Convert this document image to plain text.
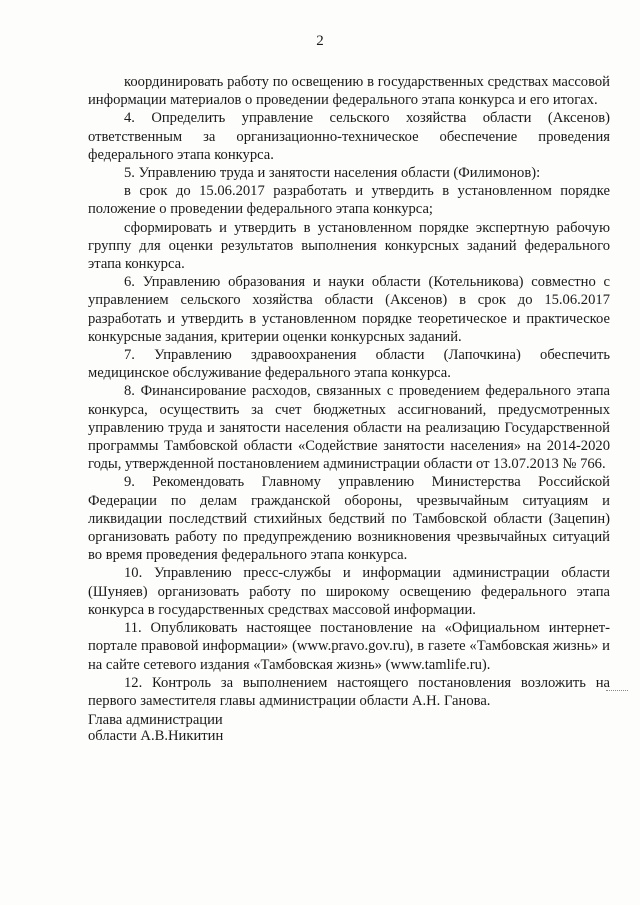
2

координировать работу по освещению в государственных средствах массовой информации материалов о проведении федерального этапа конкурса и его итогах.

4. Определить управление сельского хозяйства области (Аксенов) ответственным за организационно-техническое обеспечение проведения федерального этапа конкурса.

5. Управлению труда и занятости населения области (Филимонов):

в срок до 15.06.2017 разработать и утвердить в установленном порядке положение о проведении федерального этапа конкурса;

сформировать и утвердить в установленном порядке экспертную рабочую группу для оценки результатов выполнения конкурсных заданий федерального этапа конкурса.

6. Управлению образования и науки области (Котельникова) совместно с управлением сельского хозяйства области (Аксенов) в срок до 15.06.2017 разработать и утвердить в установленном порядке теоретическое и практическое конкурсные задания, критерии оценки конкурсных заданий.

7. Управлению здравоохранения области (Лапочкина) обеспечить медицинское обслуживание федерального этапа конкурса.

8. Финансирование расходов, связанных с проведением федерального этапа конкурса, осуществить за счет бюджетных ассигнований, предусмотренных управлению труда и занятости населения области на реализацию Государственной программы Тамбовской области «Содействие занятости населения» на 2014-2020 годы, утвержденной постановлением администрации области от 13.07.2013 № 766.

9. Рекомендовать Главному управлению Министерства Российской Федерации по делам гражданской обороны, чрезвычайным ситуациям и ликвидации последствий стихийных бедствий по Тамбовской области (Зацепин) организовать работу по предупреждению возникновения чрезвычайных ситуаций во время проведения федерального этапа конкурса.

10. Управлению пресс-службы и информации администрации области (Шуняев) организовать работу по широкому освещению федерального этапа конкурса в государственных средствах массовой информации.

11. Опубликовать настоящее постановление на «Официальном интернет-портале правовой информации» (www.pravo.gov.ru), в газете «Тамбовская жизнь» и на сайте сетевого издания «Тамбовская жизнь» (www.tamlife.ru).

12. Контроль за выполнением настоящего постановления возложить на первого заместителя главы администрации области А.Н. Ганова.

Глава администрации
области А.В.Никитин
